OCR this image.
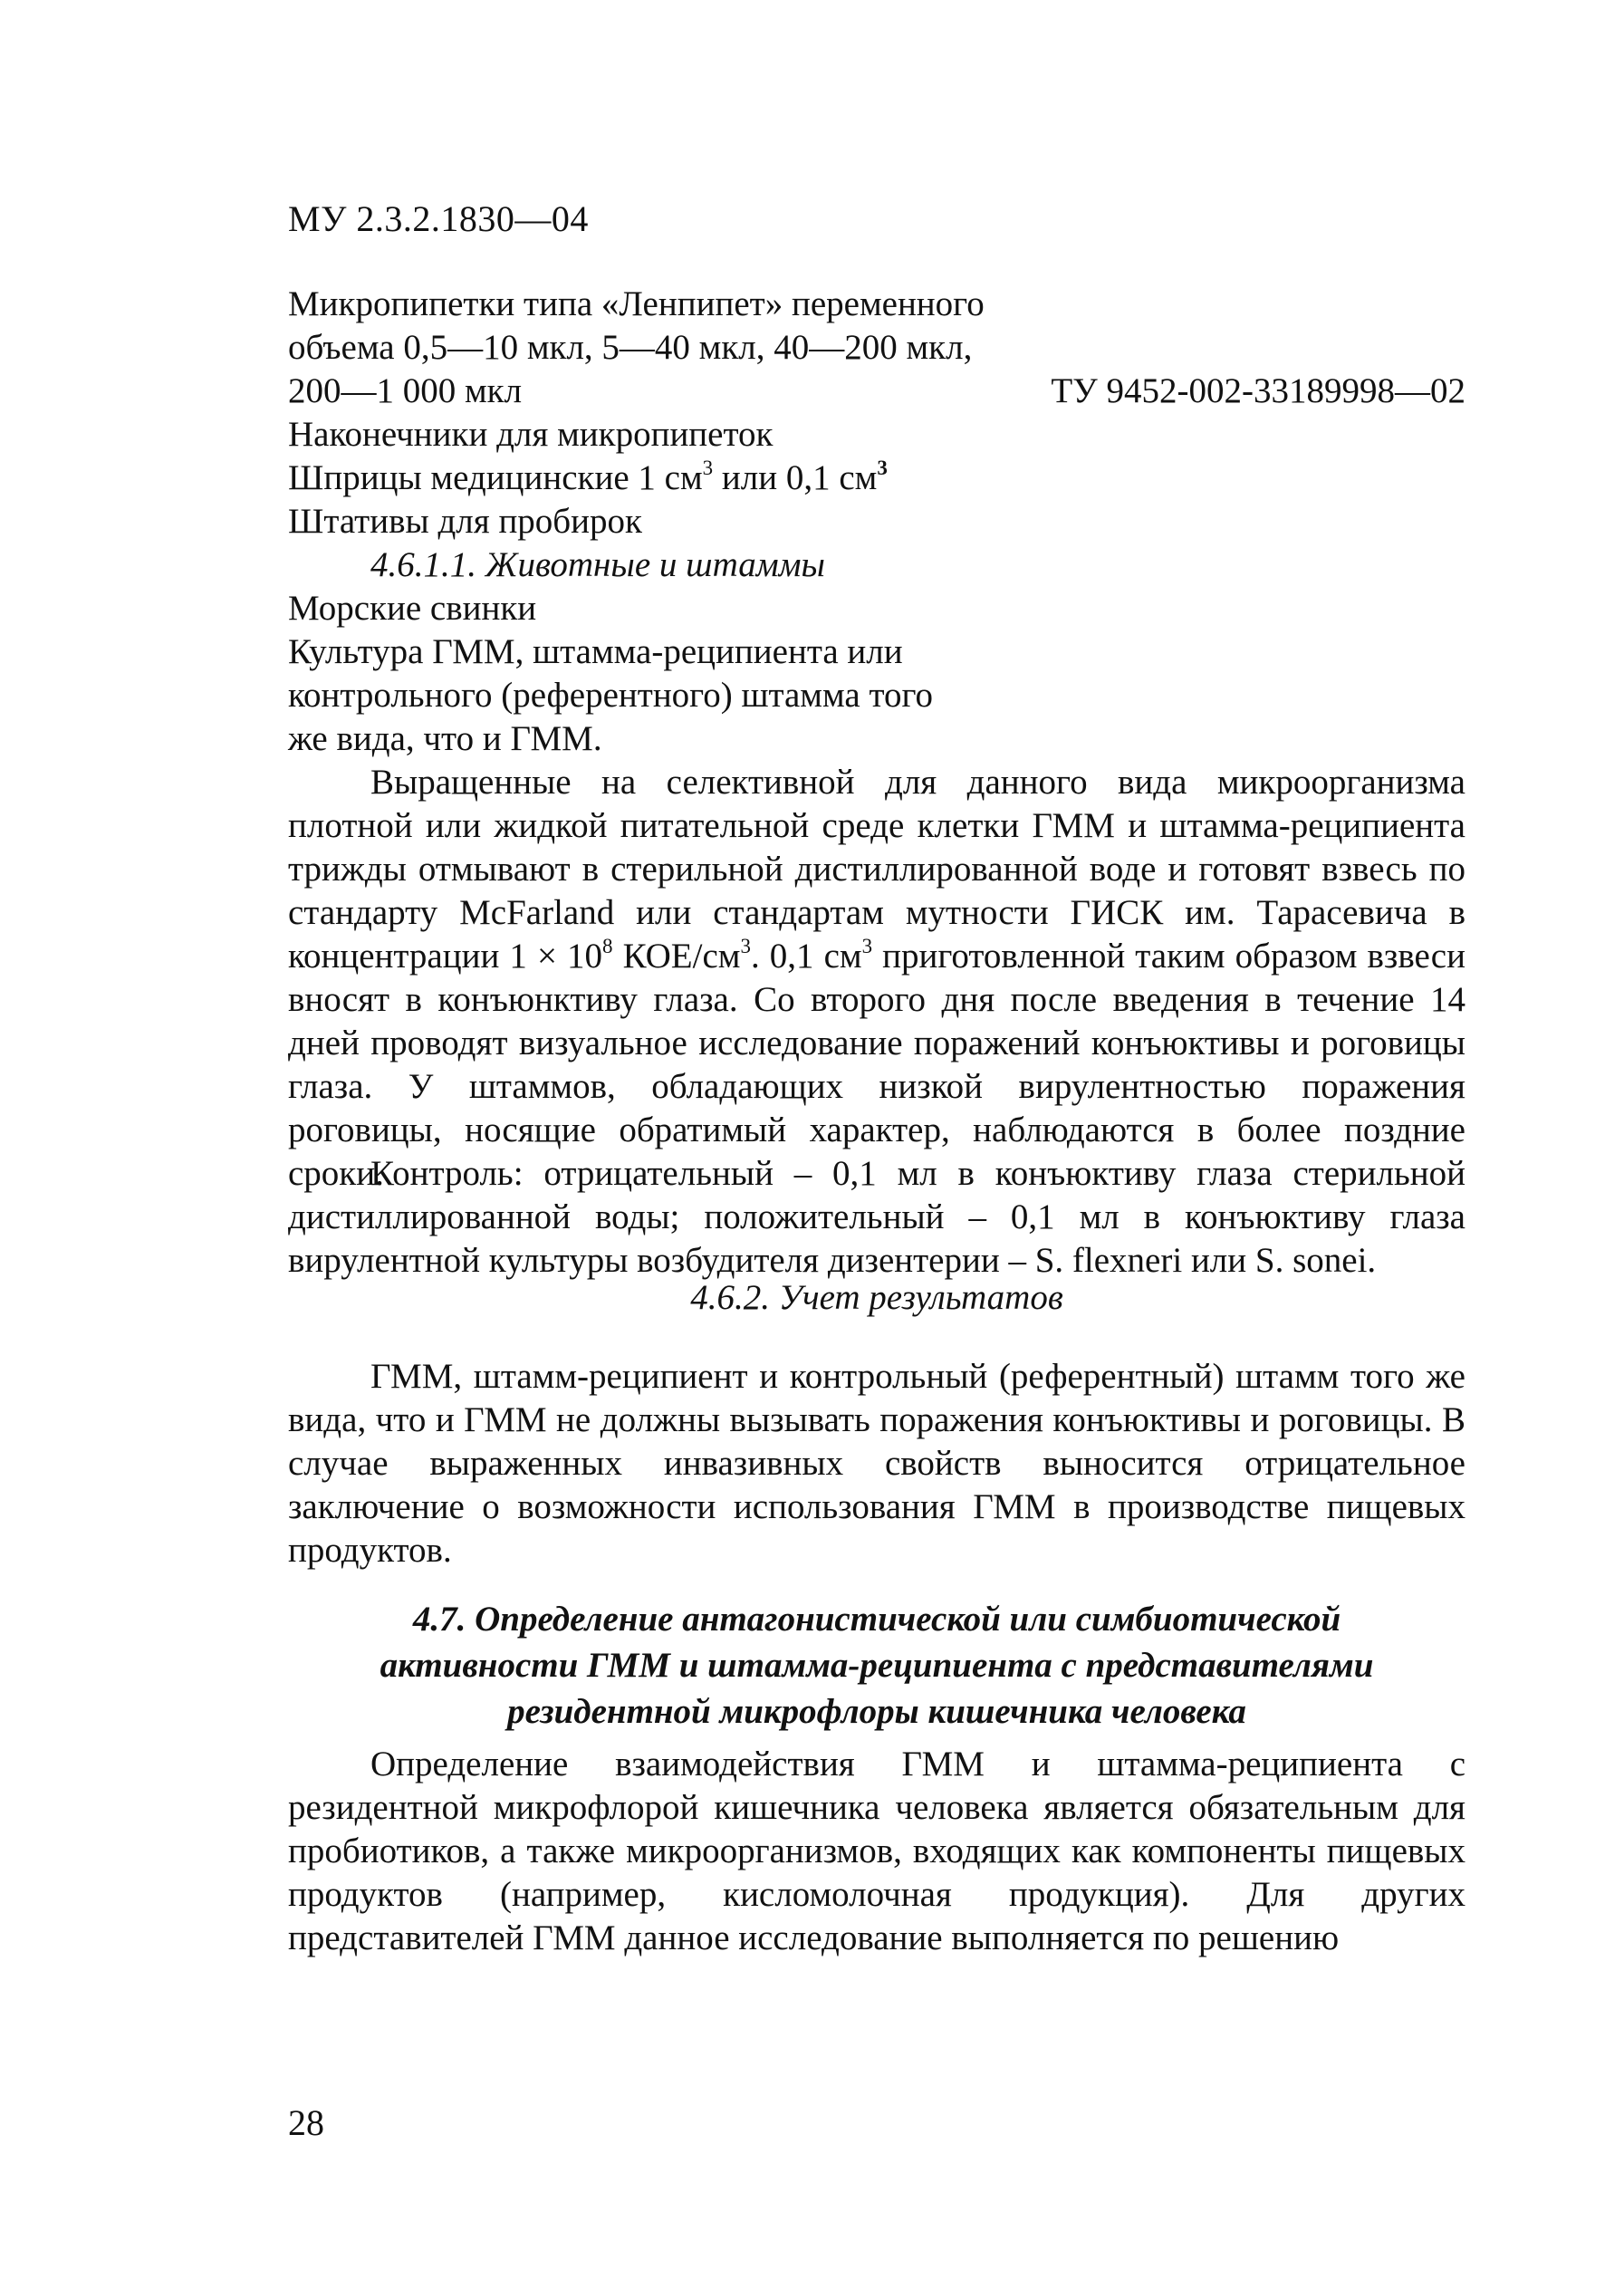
МУ 2.3.2.1830—04
Микропипетки типа «Ленпипет» переменного
объема 0,5—10 мкл, 5—40 мкл, 40—200 мкл,
200—1 000 мкл	ТУ 9452-002-33189998—02
Наконечники для микропипеток
Шприцы медицинские 1 $см^3$ или 0,1 $см^3$
Штативы для пробирок
4.6.1.1. Животные и штаммы
Морские свинки
Культура ГММ, штамма-реципиента или
контрольного (референтного) штамма того
же вида, что и ГММ.
Выращенные на селективной для данного вида микроорганизма плотной или жидкой питательной среде клетки ГММ и штамма-реципиента трижды отмывают в стерильной дистиллированной воде и готовят взвесь по стандарту McFarland или стандартам мутности ГИСК им. Тарасевича в концентрации $1 \times 10^8$ КОЕ/$см^3$. 0,1 $см^3$ приготовленной таким образом взвеси вносят в конъюнктиву глаза. Со второго дня после введения в течение 14 дней проводят визуальное исследование поражений конъюктивы и роговицы глаза. У штаммов, обладающих низкой вирулентностью поражения роговицы, носящие обратимый характер, наблюдаются в более поздние сроки.
Контроль: отрицательный – 0,1 мл в конъюктиву глаза стерильной дистиллированной воды; положительный – 0,1 мл в конъюктиву глаза вирулентной культуры возбудителя дизентерии – S. flexneri или S. sonei.
4.6.2. Учет результатов
ГММ, штамм-реципиент и контрольный (референтный) штамм того же вида, что и ГММ не должны вызывать поражения конъюктивы и роговицы. В случае выраженных инвазивных свойств выносится отрицательное заключение о возможности использования ГММ в производстве пищевых продуктов.
4.7. Определение антагонистической или симбиотической
активности ГММ и штамма-реципиента с представителями
резидентной микрофлоры кишечника человека
Определение взаимодействия ГММ и штамма-реципиента с резидентной микрофлорой кишечника человека является обязательным для пробиотиков, а также микроорганизмов, входящих как компоненты пищевых продуктов (например, кисломолочная продукция). Для других представителей ГММ данное исследование выполняется по решению
28
